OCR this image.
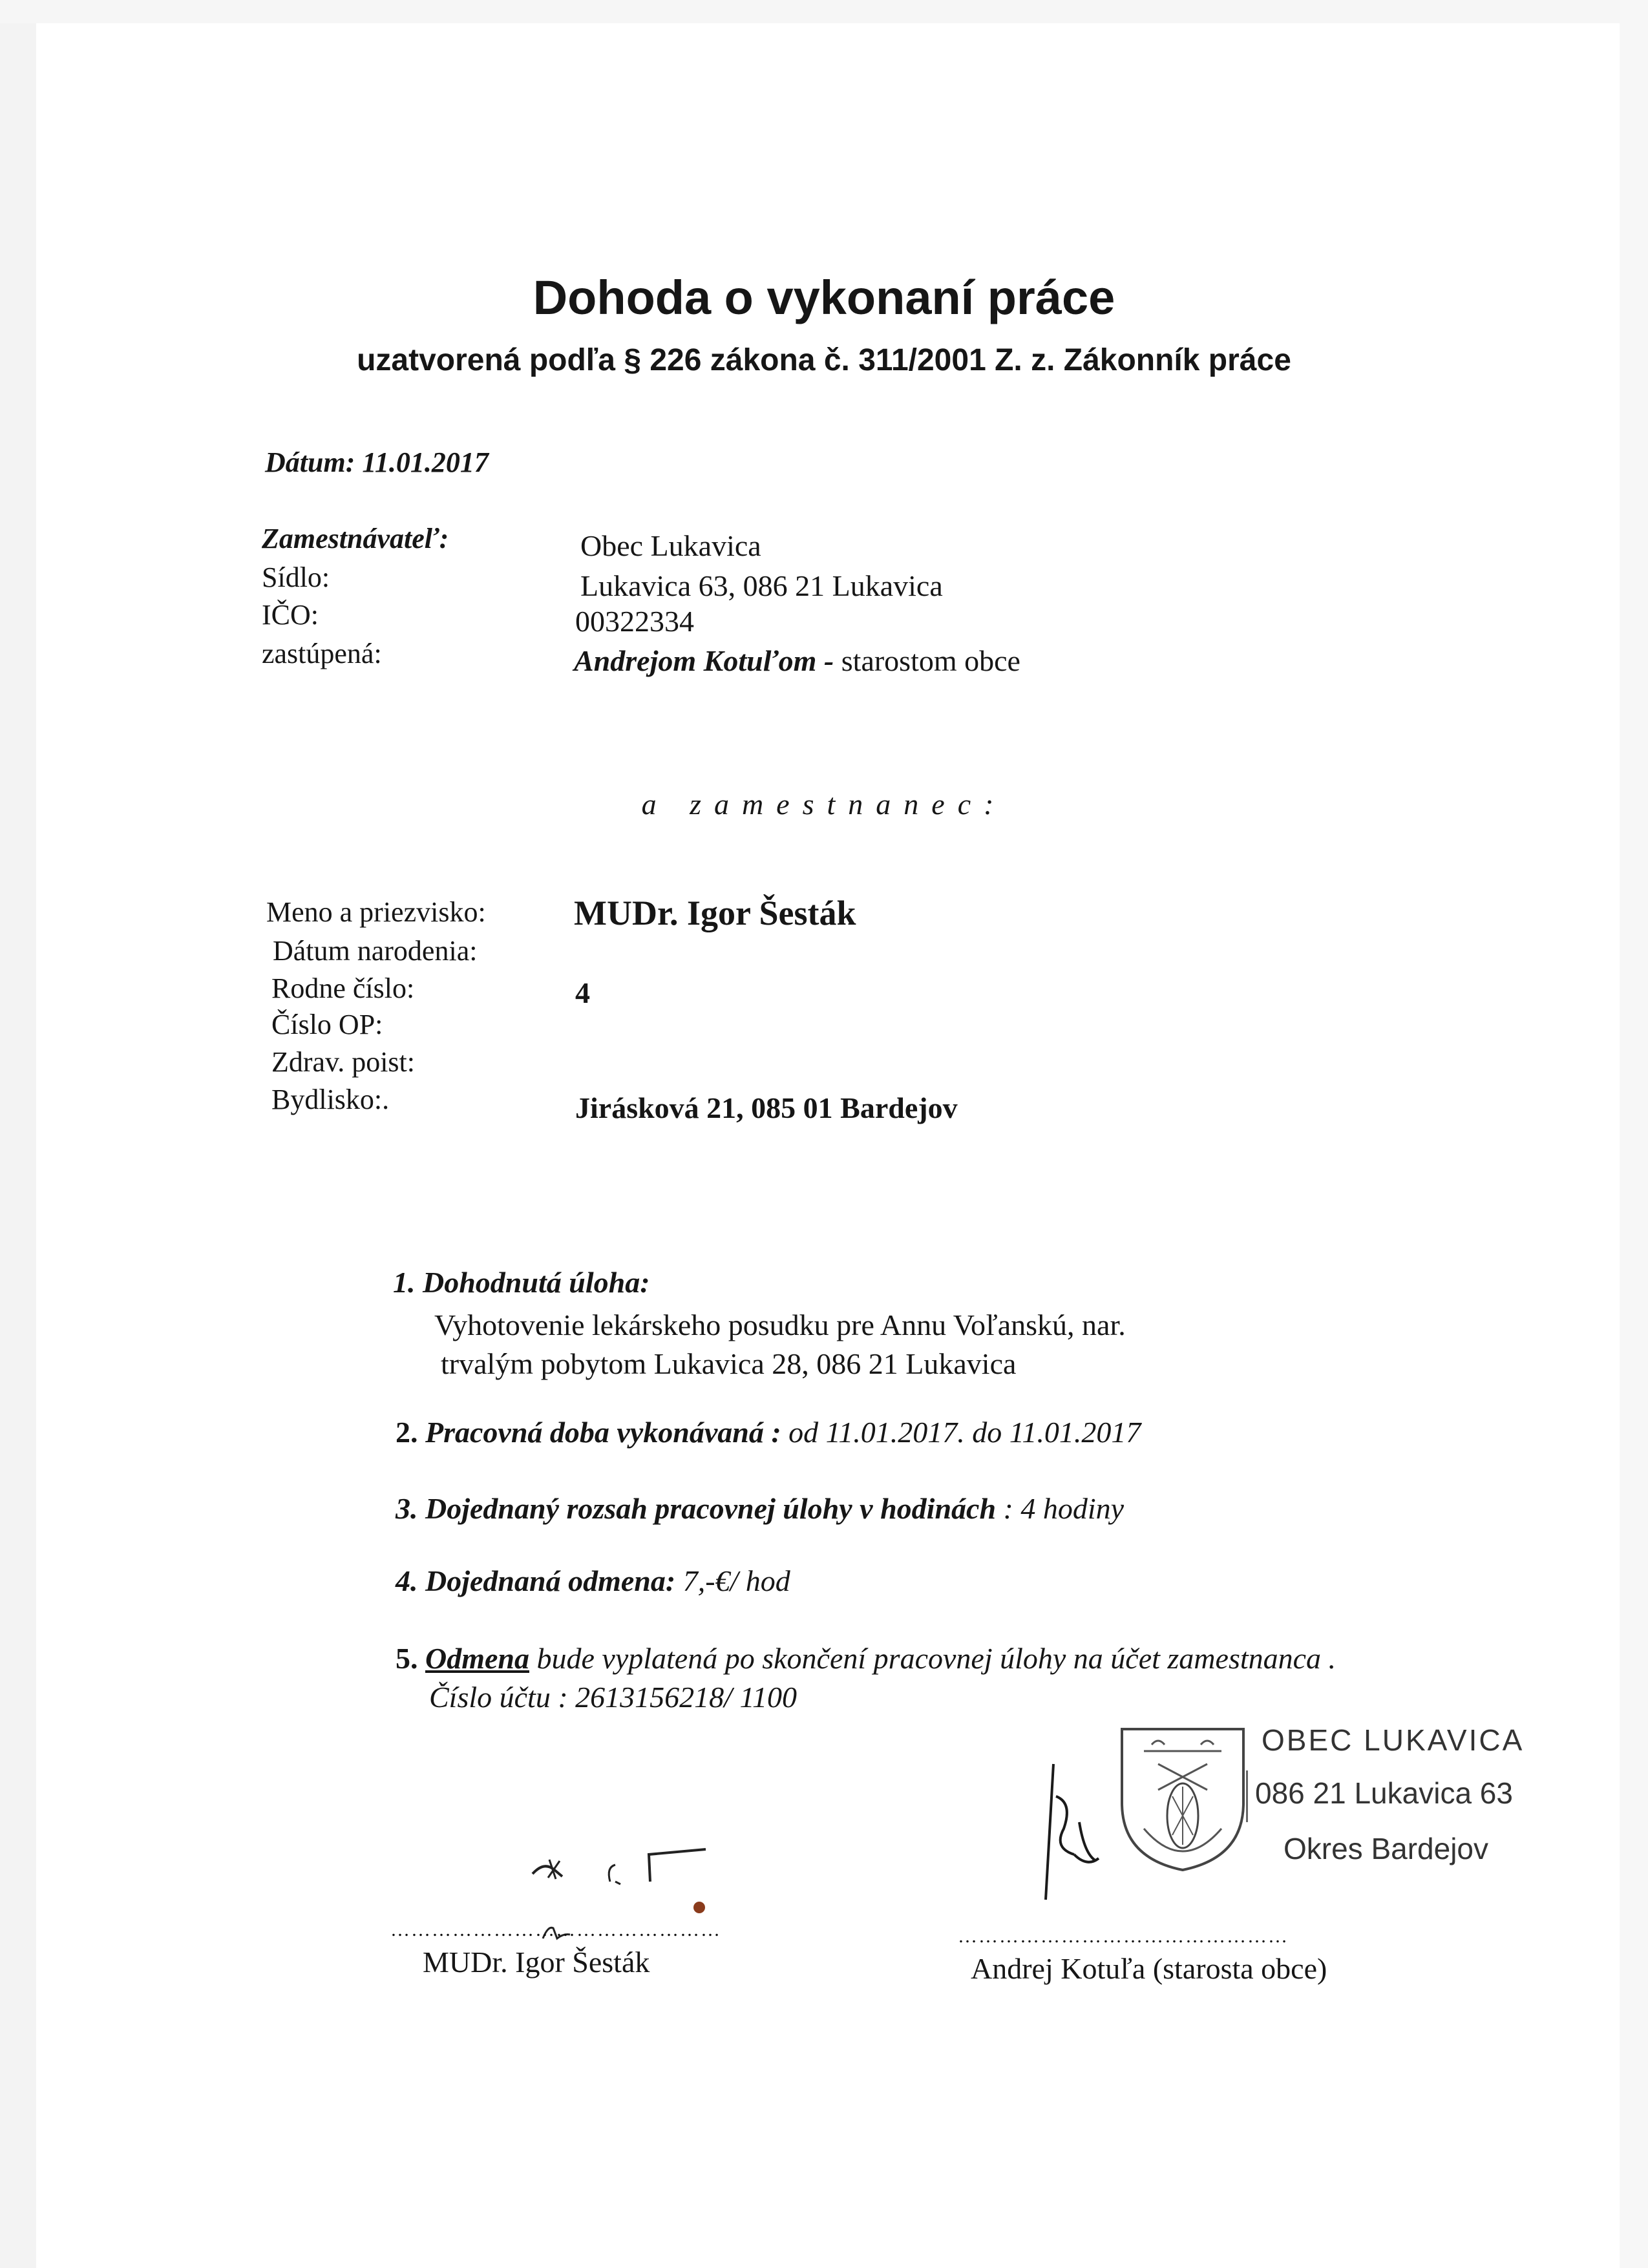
Dohoda o vykonaní práce
uzatvorená podľa § 226 zákona č. 311/2001 Z. z. Zákonník práce
Dátum: 11.01.2017
Zamestnávateľ:
Sídlo:
IČO:
zastúpená:
Obec Lukavica
Lukavica 63, 086 21 Lukavica
00322334
Andrejom Kotuľom - starostom obce
a zamestnanec:
Meno a priezvisko:
Dátum narodenia:
Rodne číslo:
Číslo OP:
Zdrav. poist:
Bydlisko:.
MUDr. Igor Šesták
4
Jirásková 21, 085 01 Bardejov
1. Dohodnutá úloha:
Vyhotovenie lekárskeho posudku pre Annu Voľanskú, nar.
trvalým pobytom Lukavica 28, 086 21 Lukavica
2. Pracovná doba vykonávaná : od 11.01.2017. do 11.01.2017
3. Dojednaný rozsah pracovnej úlohy v hodinách : 4 hodiny
4. Dojednaná odmena: 7,-€/ hod
5. Odmena bude vyplatená po skončení pracovnej úlohy na účet zamestnanca .
Číslo účtu : 2613156218/ 1100
OBEC LUKAVICA
086 21 Lukavica 63
Okres Bardejov
…………………………………………
MUDr. Igor Šesták
…………………………………………
Andrej Kotuľa (starosta obce)
